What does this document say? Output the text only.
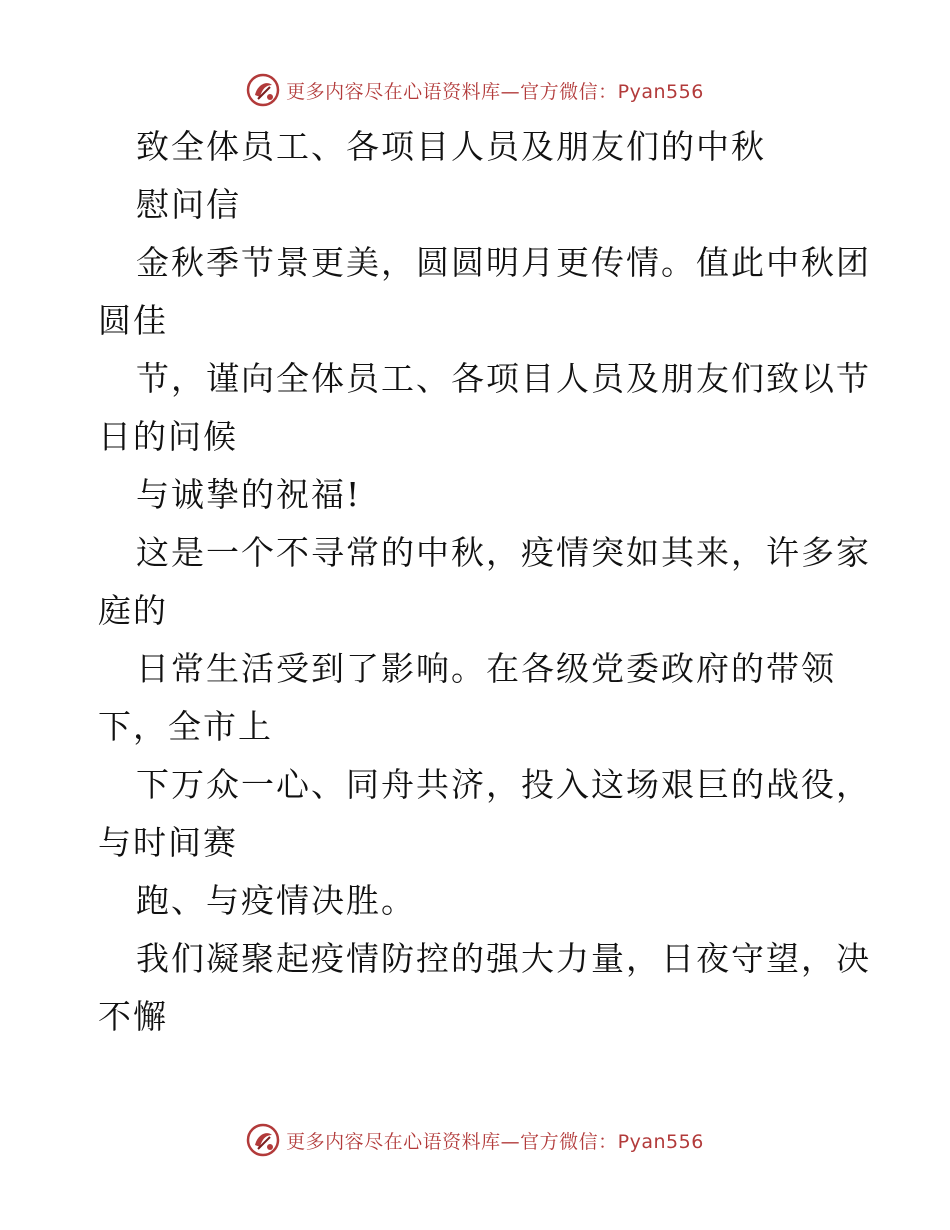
更多内容尽在心语资料库—官方微信：Pyan556
致全体员工、各项目人员及朋友们的中秋
慰问信
金秋季节景更美，圆圆明月更传情。值此中秋团
圆佳
节，谨向全体员工、各项目人员及朋友们致以节
日的问候
与诚挚的祝福!
这是一个不寻常的中秋，疫情突如其来，许多家
庭的
日常生活受到了影响。在各级党委政府的带领
下，全市上
下万众一心、同舟共济，投入这场艰巨的战役，
与时间赛
跑、与疫情决胜。
我们凝聚起疫情防控的强大力量，日夜守望，决
不懈
更多内容尽在心语资料库—官方微信：Pyan556
